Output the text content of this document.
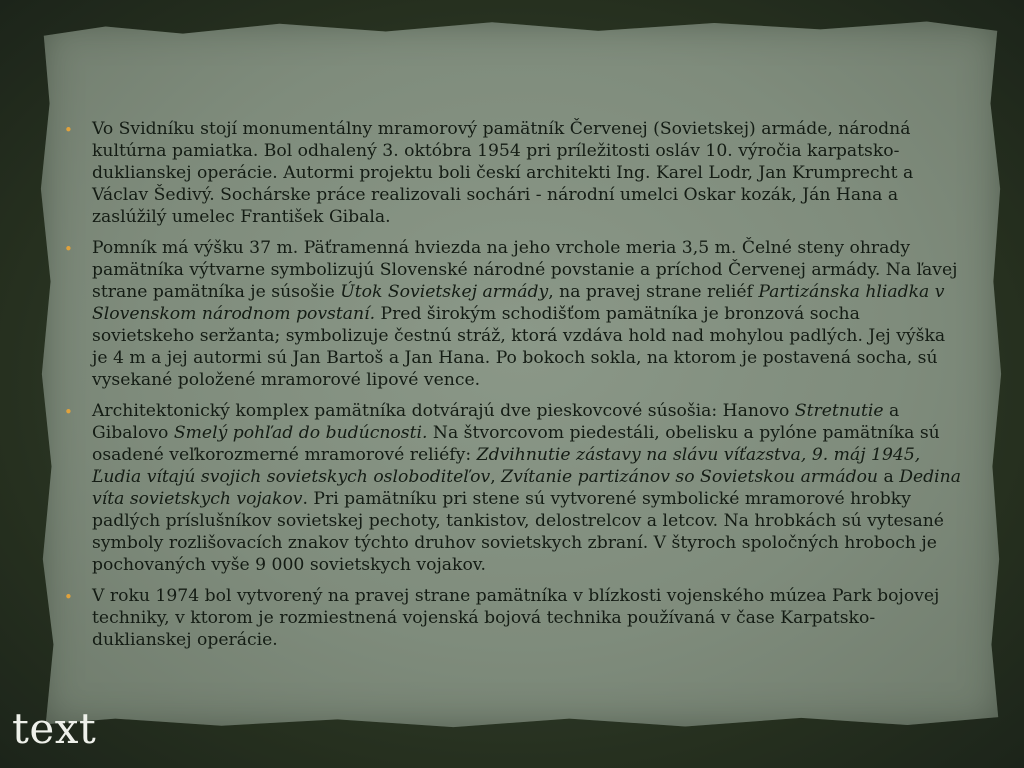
• Vo Svidníku stojí monumentálny mramorový pamätník Červenej (Sovietskej) armáde, národná kultúrna pamiatka. Bol odhalený 3. októbra 1954 pri príležitosti osláv 10. výročia karpatsko-duklianskej operácie. Autormi projektu boli českí architekti Ing. Karel Lodr, Jan Krumprecht a Václav Šedivý. Sochárske práce realizovali sochári - národní umelci Oskar kozák, Ján Hana a zaslúžilý umelec František Gibala.
• Pomník má výšku 37 m. Päťramenná hviezda na jeho vrchole meria 3,5 m. Čelné steny ohrady pamätníka výtvarne symbolizujú Slovenské národné povstanie a príchod Červenej armády. Na ľavej strane pamätníka je súsošie Útok Sovietskej armády, na pravej strane reliéf Partizánska hliadka v Slovenskom národnom povstaní. Pred širokým schodišťom pamätníka je bronzová socha sovietskeho seržanta; symbolizuje čestnú stráž, ktorá vzdáva hold nad mohylou padlých. Jej výška je 4 m a jej autormi sú Jan Bartoš a Jan Hana. Po bokoch sokla, na ktorom je postavená socha, sú vysekané položené mramorové lipové vence.
• Architektonický komplex pamätníka dotvárajú dve pieskovcové súsošia: Hanovo Stretnutie a Gibalovo Smelý pohľad do budúcnosti. Na štvorcovom piedestáli, obelisku a pylóne pamätníka sú osadené veľkorozmerné mramorové reliéfy: Zdvihnutie zástavy na slávu víťazstva, 9. máj 1945, Ľudia vítajú svojich sovietskych osloboditeľov, Zvítanie partizánov so Sovietskou armádou a Dedina víta sovietskych vojakov. Pri pamätníku pri stene sú vytvorené symbolické mramorové hrobky padlých príslušníkov sovietskej pechoty, tankistov, delostrelcov a letcov. Na hrobkách sú vytesané symboly rozlišovacích znakov týchto druhov sovietskych zbraní. V štyroch spoločných hroboch je pochovaných vyše 9 000 sovietskych vojakov.
• V roku 1974 bol vytvorený na pravej strane pamätníka v blízkosti vojenského múzea Park bojovej techniky, v ktorom je rozmiestnená vojenská bojová technika používaná v čase Karpatsko-duklianskej operácie.
text
